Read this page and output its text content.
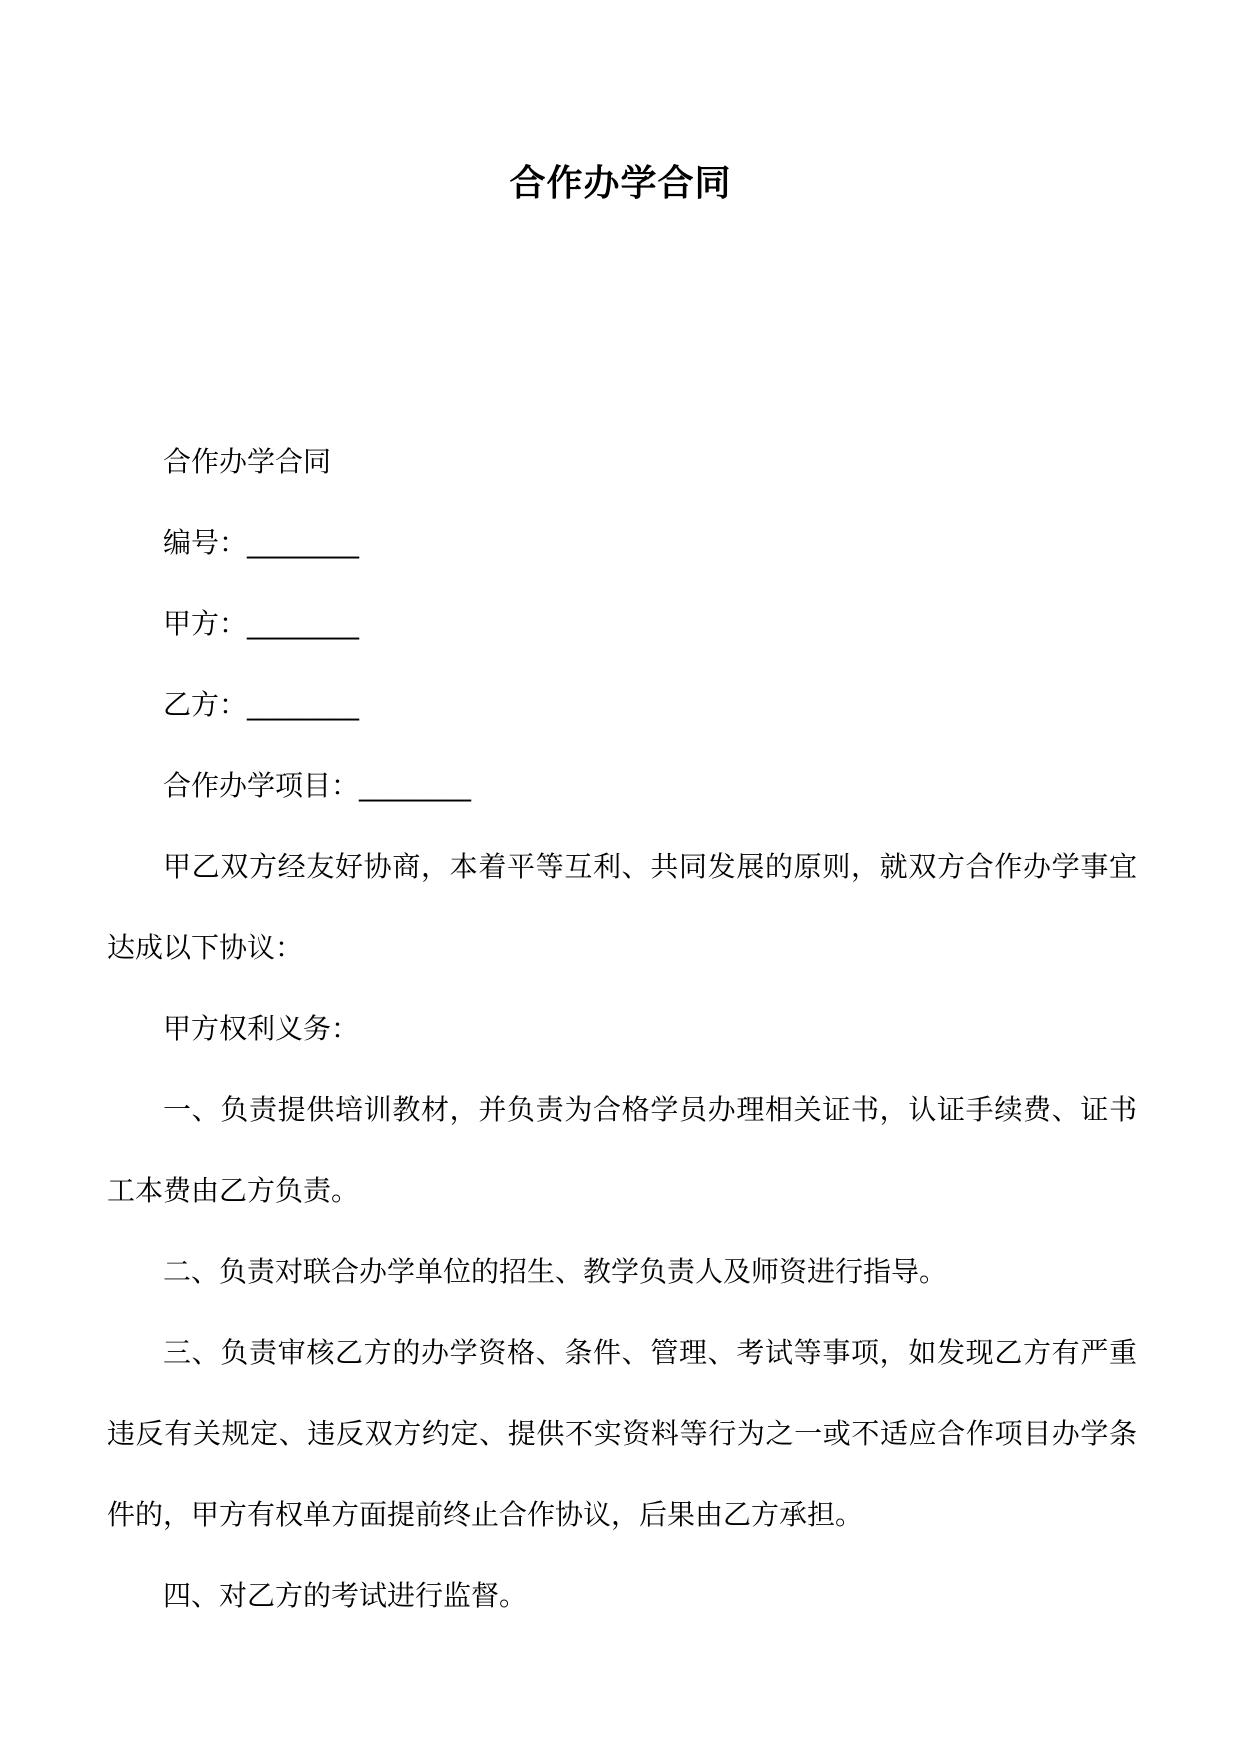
合作办学合同

合作办学合同

编号：________

甲方：________

乙方：________

合作办学项目：________

甲乙双方经友好协商，本着平等互利、共同发展的原则，就双方合作办学事宜达成以下协议：

甲方权利义务：

一、负责提供培训教材，并负责为合格学员办理相关证书，认证手续费、证书工本费由乙方负责。

二、负责对联合办学单位的招生、教学负责人及师资进行指导。

三、负责审核乙方的办学资格、条件、管理、考试等事项，如发现乙方有严重违反有关规定、违反双方约定、提供不实资料等行为之一或不适应合作项目办学条件的，甲方有权单方面提前终止合作协议，后果由乙方承担。

四、对乙方的考试进行监督。
